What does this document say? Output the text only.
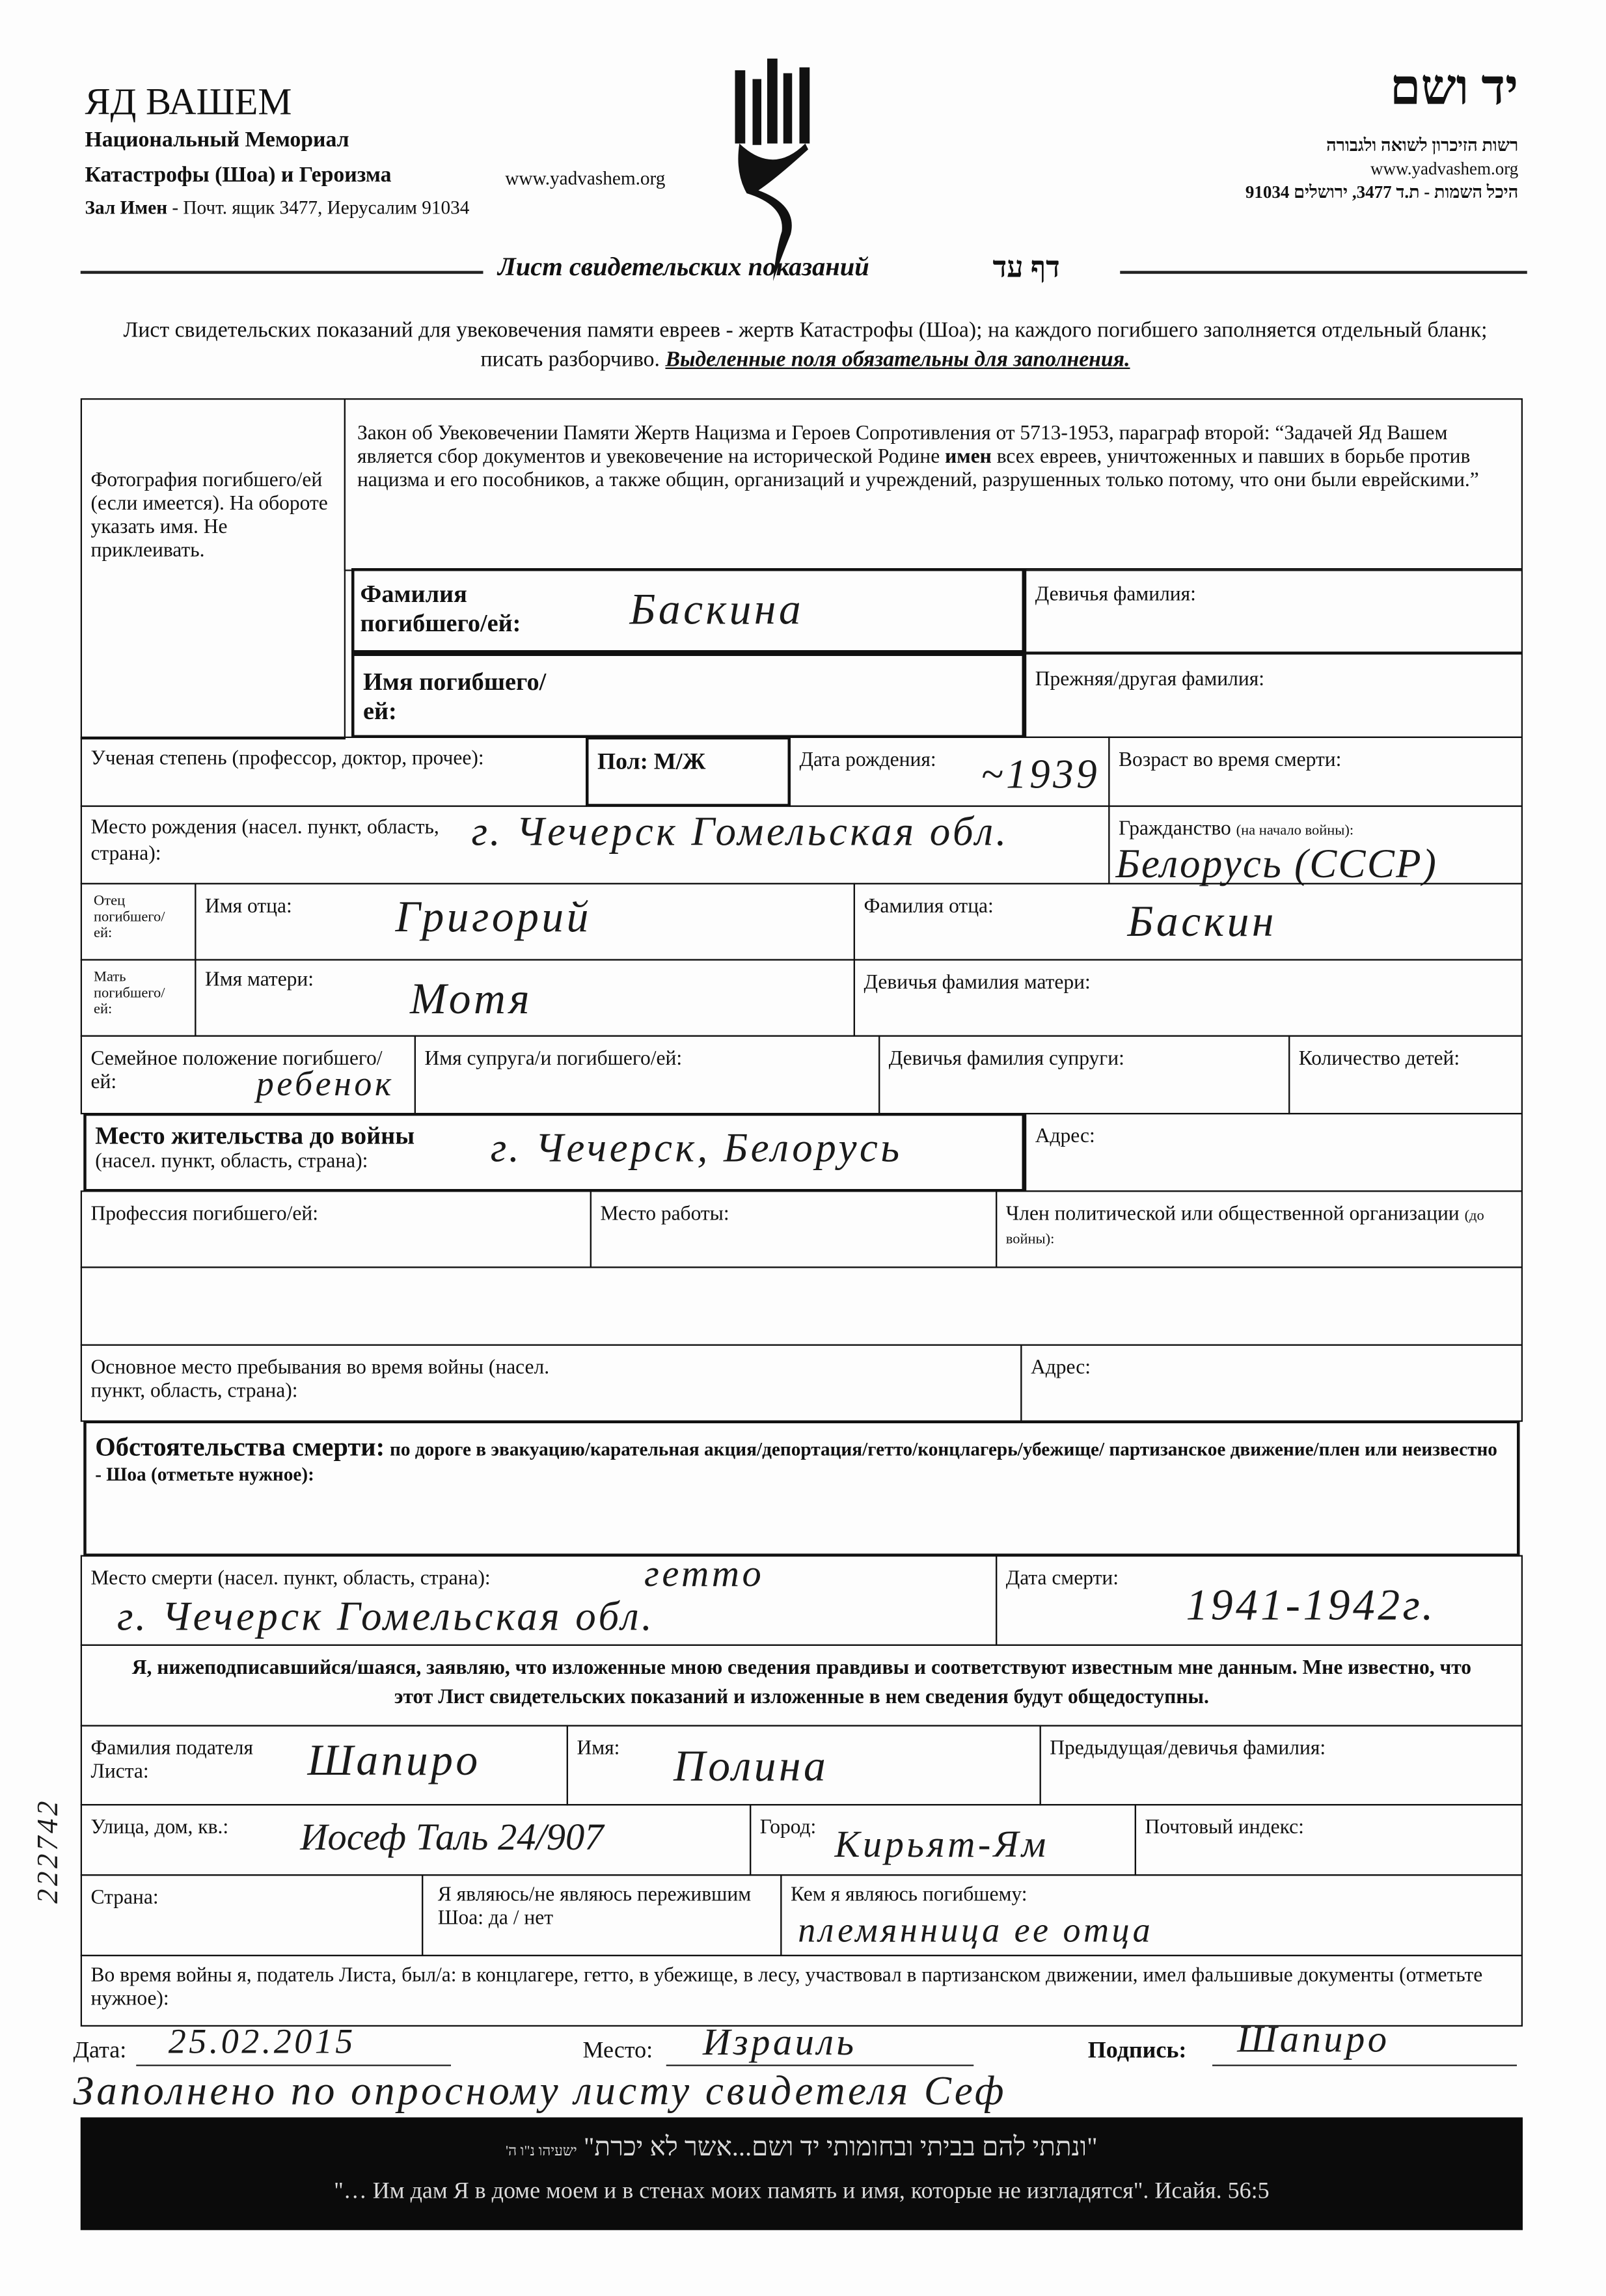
ЯД ВАШЕМ
Национальный Мемориал
Катастрофы (Шоа) и Героизма	www.yadvashem.org
Зал Имен - Почт. ящик 3477, Иерусалим 91034
יד ושם
רשות הזיכרון לשואה ולגבורה
www.yadvashem.org
היכל השמות - ת.ד 3477, ירושלים 91034
Лист свидетельских показаний	דף עד
Лист свидетельских показаний для увековечения памяти евреев - жертв Катастрофы (Шоа); на каждого погибшего заполняется отдельный бланк; писать разборчиво. Выделенные поля обязательны для заполнения.
Фотография погибшего/ей (если имеется). На обороте указать имя. Не приклеивать.
Закон об Увековечении Памяти Жертв Нацизма и Героев Сопротивления от 5713-1953, параграф второй: “Задачей Яд Вашем является сбор документов и увековечение на исторической Родине имен всех евреев, уничтоженных и павших в борьбе против нацизма и его пособников, а также общин, организаций и учреждений, разрушенных только потому, что они были еврейскими.”
Фамилия погибшего/ей:	Баскина	Девичья фамилия:
Имя погибшего/ей:
Прежняя/другая фамилия:
Ученая степень (профессор, доктор, прочее):	Пол: М/Ж	Дата рождения:	~1939	Возраст во время смерти:
Место рождения (насел. пункт, область, страна):	г. Чечерск Гомельская обл.	Гражданство (на начало войны):
Белорусь (СССР)
Отец погибшего/ей:
Имя отца:	Григорий	Фамилия отца:	Баскин
Мать погибшего/ей:
Имя матери:	Мотя	Девичья фамилия матери:
Семейное положение погибшего/ей:	ребенок
Имя супруга/и погибшего/ей:	Девичья фамилия супруги:	Количество детей:
Место жительства до войны
(насел. пункт, область, страна):	г. Чечерск, Белорусь	Адрес:
Профессия погибшего/ей:	Место работы:	Член политической или общественной организации (до войны):
Основное место пребывания во время войны (насел. пункт, область, страна):
Адрес:
Обстоятельства смерти: по дороге в эвакуацию/карательная акция/депортация/гетто/концлагерь/убежище/ партизанское движение/плен или неизвестно - Шоа (отметьте нужное):
Место смерти (насел. пункт, область, страна):	гетто
г. Чечерск Гомельская обл.
Дата смерти:
1941-1942г.
Я, нижеподписавшийся/шаяся, заявляю, что изложенные мною сведения правдивы и соответствуют известным мне данным. Мне известно, что этот Лист свидетельских показаний и изложенные в нем сведения будут общедоступны.
Фамилия подателя Листа:	Шапиро	Имя:	Полина	Предыдущая/девичья фамилия:
Улица, дом, кв.:	Иосеф Таль 24/907	Город:	Кирьят-Ям	Почтовый индекс:
Страна:	Я являюсь/не являюсь пережившим Шоа: да / нет
Кем я являюсь погибшему:
племянница ее отца
Во время войны я, податель Листа, был/а: в концлагере, гетто, в убежище, в лесу, участвовал в партизанском движении, имел фальшивые документы (отметьте нужное):
222742
Дата:	25.02.2015	Место:	Израиль	Подпись:	Шапиро
Заполнено по опросному листу свидетеля Сеф
"ונתתי להם בביתי ובחומותי יד ושם...אשר לא יכרת" ישעיהו נ"ו ה'
"… Им дам Я в доме моем и в стенах моих память и имя, которые не изгладятся". Исайя. 56:5
